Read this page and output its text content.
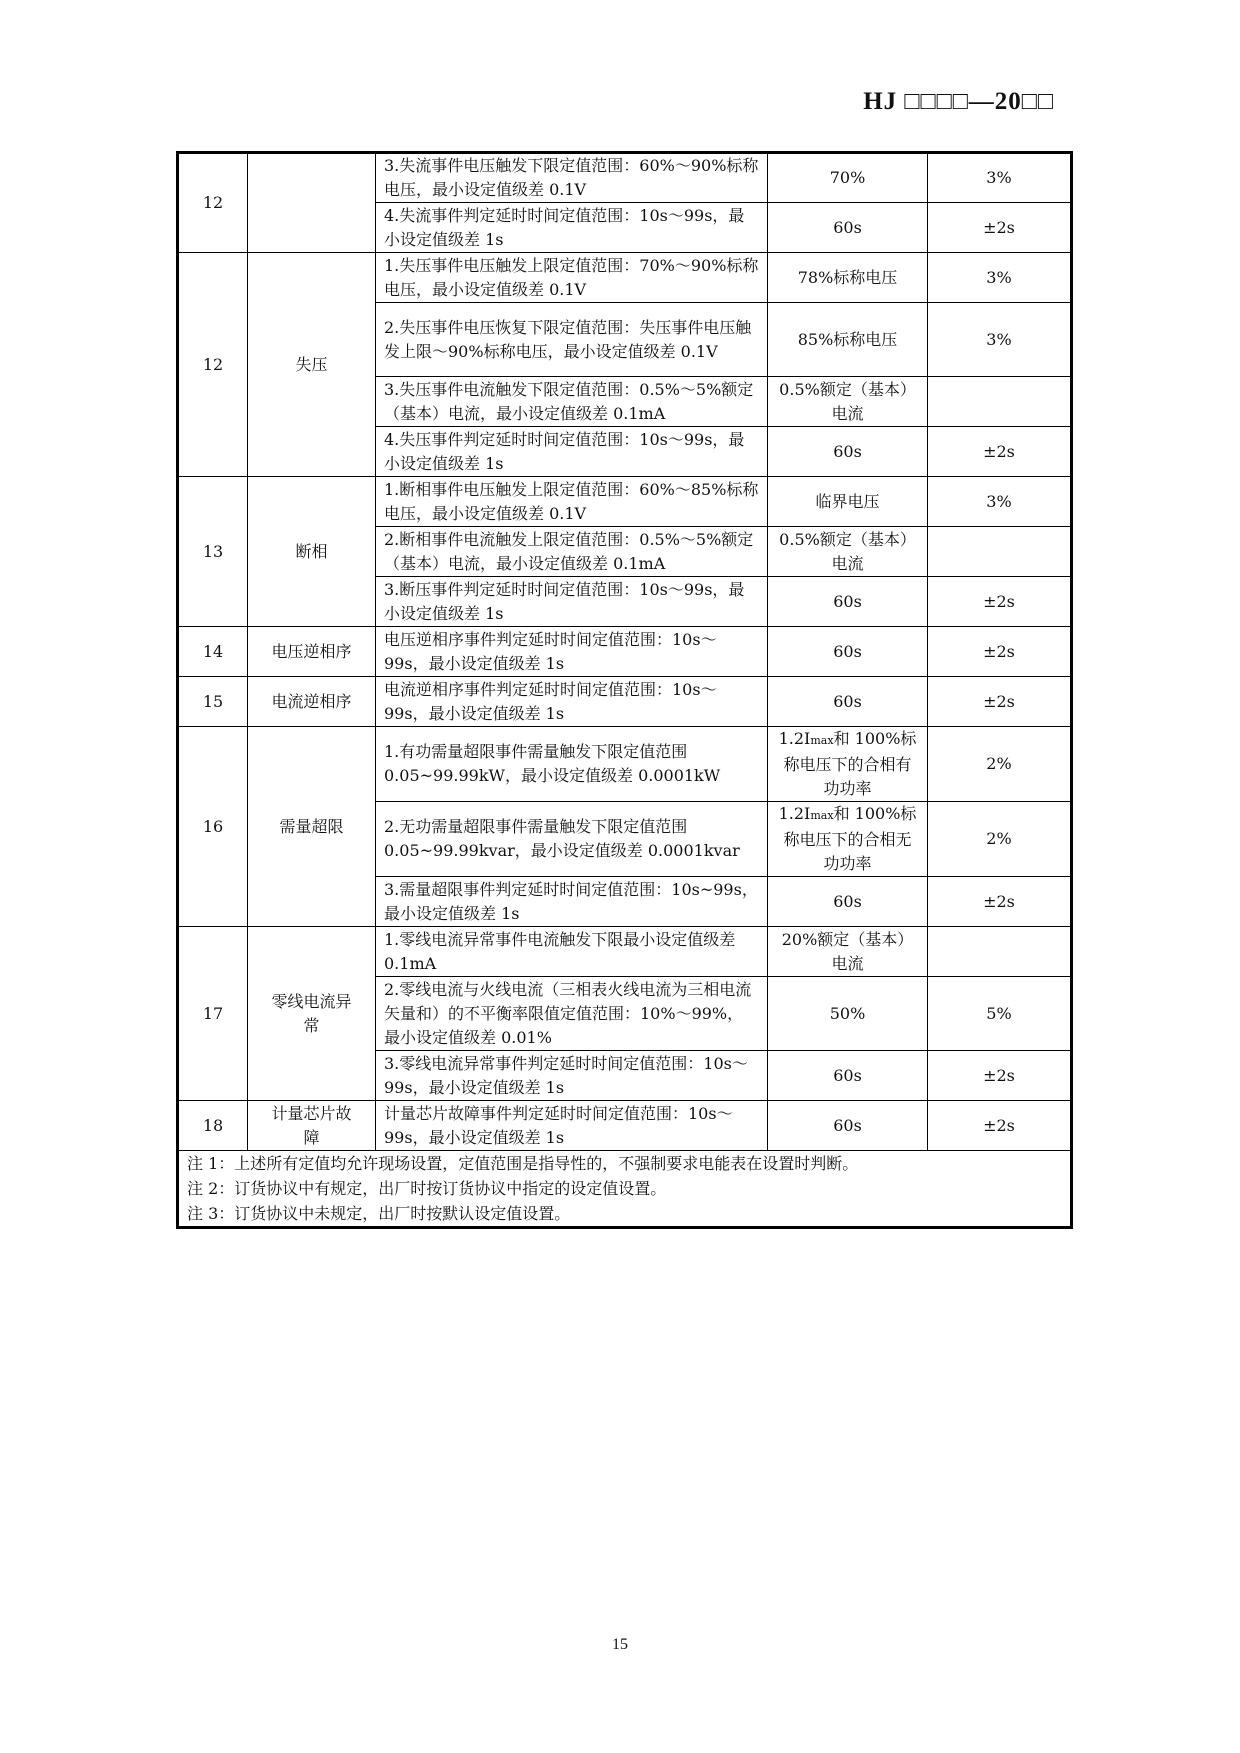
HJ □□□□—20□□
12		3.失流事件电压触发下限定值范围：60%～90%标称电压，最小设定值级差 0.1V	70%	3%
		4.失流事件判定延时时间定值范围：10s～99s，最小设定值级差 1s	60s	±2s
12	失压	1.失压事件电压触发上限定值范围：70%～90%标称电压，最小设定值级差 0.1V	78%标称电压	3%
		2.失压事件电压恢复下限定值范围：失压事件电压触发上限～90%标称电压，最小设定值级差 0.1V	85%标称电压	3%
		3.失压事件电流触发下限定值范围：0.5%～5%额定（基本）电流，最小设定值级差 0.1mA	0.5%额定（基本）电流	
		4.失压事件判定延时时间定值范围：10s～99s，最小设定值级差 1s	60s	±2s
13	断相	1.断相事件电压触发上限定值范围：60%～85%标称电压，最小设定值级差 0.1V	临界电压	3%
		2.断相事件电流触发上限定值范围：0.5%～5%额定（基本）电流，最小设定值级差 0.1mA	0.5%额定（基本）电流	
		3.断压事件判定延时时间定值范围：10s～99s，最小设定值级差 1s	60s	±2s
14	电压逆相序	电压逆相序事件判定延时时间定值范围：10s～99s，最小设定值级差 1s	60s	±2s
15	电流逆相序	电流逆相序事件判定延时时间定值范围：10s～99s，最小设定值级差 1s	60s	±2s
16	需量超限	1.有功需量超限事件需量触发下限定值范围 0.05~99.99kW，最小设定值级差 0.0001kW	1.2Imax和 100%标称电压下的合相有功功率	2%
		2.无功需量超限事件需量触发下限定值范围 0.05~99.99kvar，最小设定值级差 0.0001kvar	1.2Imax和 100%标称电压下的合相无功功率	2%
		3.需量超限事件判定延时时间定值范围：10s~99s，最小设定值级差 1s	60s	±2s
17	零线电流异常	1.零线电流异常事件电流触发下限最小设定值级差 0.1mA	20%额定（基本）电流	
		2.零线电流与火线电流（三相表火线电流为三相电流矢量和）的不平衡率限值定值范围：10%～99%，最小设定值级差 0.01%	50%	5%
		3.零线电流异常事件判定延时时间定值范围：10s～99s，最小设定值级差 1s	60s	±2s
18	计量芯片故障	计量芯片故障事件判定延时时间定值范围：10s～99s，最小设定值级差 1s	60s	±2s

注 1：上述所有定值均允许现场设置，定值范围是指导性的，不强制要求电能表在设置时判断。
注 2：订货协议中有规定，出厂时按订货协议中指定的设定值设置。
注 3：订货协议中未规定，出厂时按默认设定值设置。				
15
